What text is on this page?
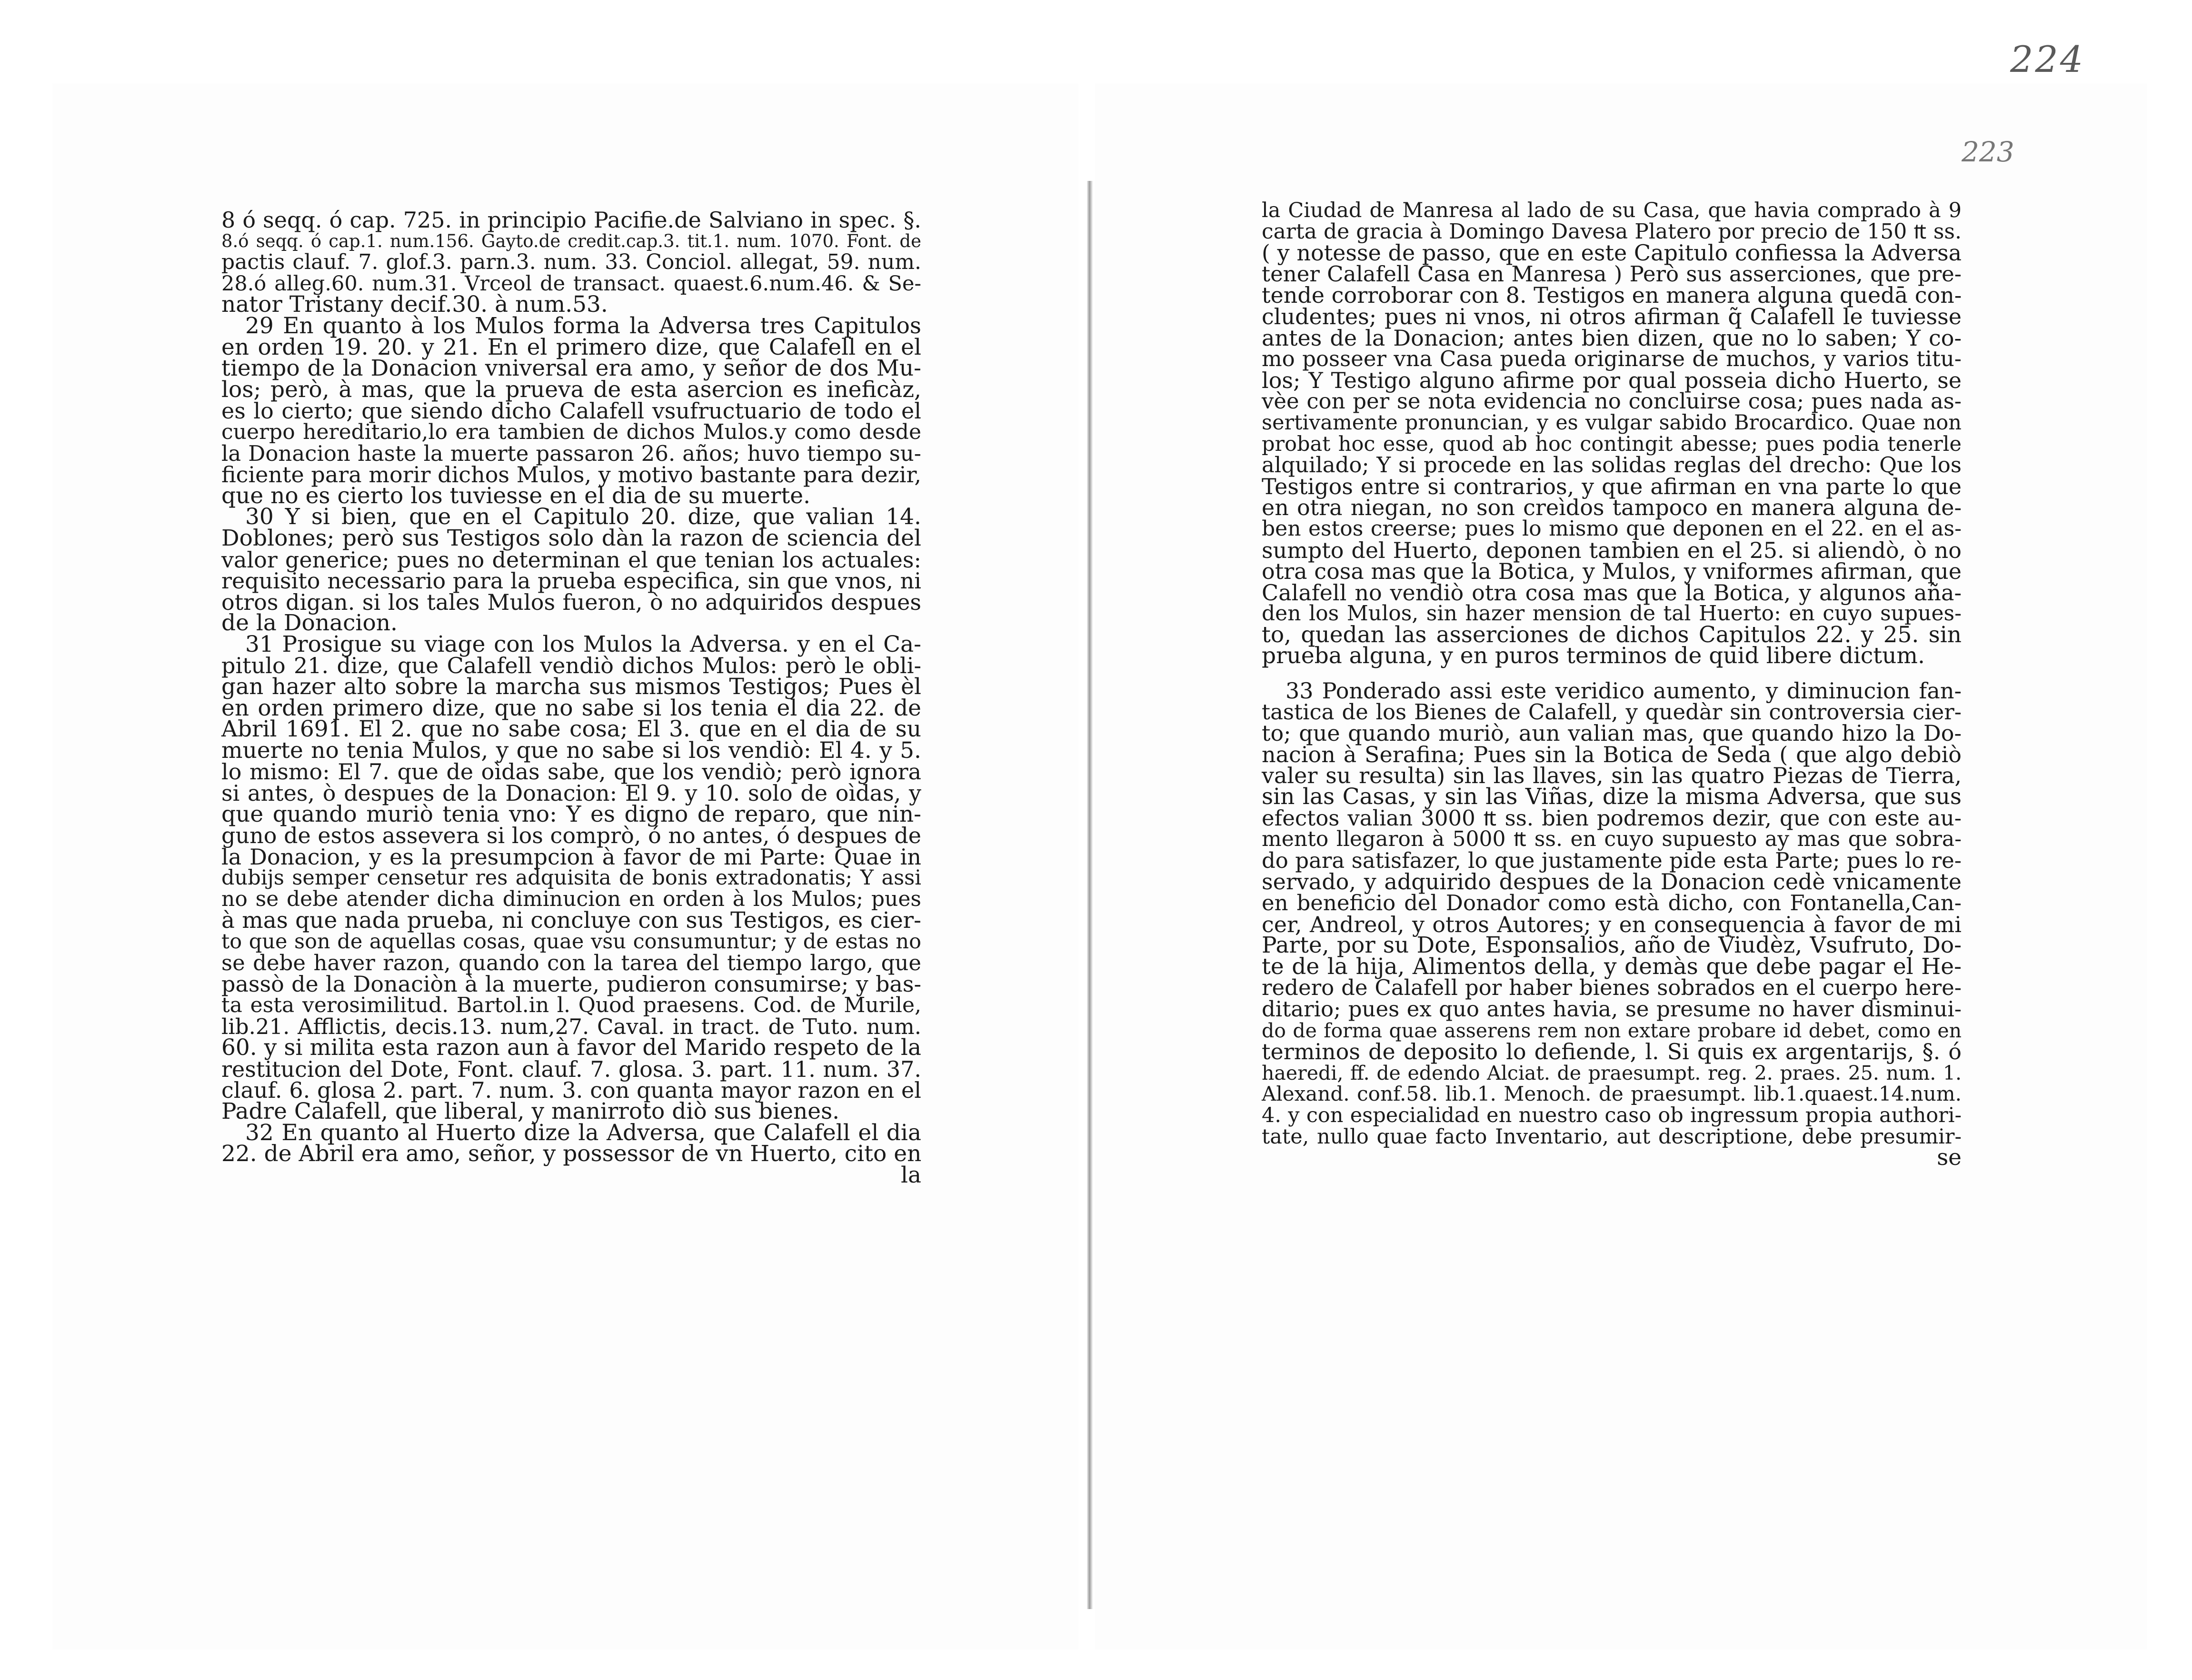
224
223
8 ó seqq. ó cap. 725. in principio Pacifie.de Salviano in spec. §.
8.ó seqq. ó cap.1. num.156. Gayto.de credit.cap.3. tit.1. num. 1070. Font. de
pactis clauf. 7. glof.3. parn.3. num. 33. Conciol. allegat, 59. num.
28.ó alleg.60. num.31. Vrceol de transact. quaest.6.num.46. & Se-
nator Tristany decif.30. à num.53.
29 En quanto à los Mulos forma la Adversa tres Capitulos
en orden 19. 20. y 21. En el primero dize, que Calafell en el
tiempo de la Donacion vniversal era amo, y señor de dos Mu-
los; però, à mas, que la prueva de esta asercion es ineficàz,
es lo cierto; que siendo dicho Calafell vsufructuario de todo el
cuerpo hereditario,lo era tambien de dichos Mulos.y como desde
la Donacion haste la muerte passaron 26. años; huvo tiempo su-
ficiente para morir dichos Mulos, y motivo bastante para dezir,
que no es cierto los tuviesse en el dia de su muerte.
30 Y si bien, que en el Capitulo 20. dize, que valian 14.
Doblones; però sus Testigos solo dàn la razon de sciencia del
valor generice; pues no determinan el que tenian los actuales:
requisito necessario para la prueba especifica, sin que vnos, ni
otros digan. si los tales Mulos fueron, ò no adquiridos despues
de la Donacion.
31 Prosigue su viage con los Mulos la Adversa. y en el Ca-
pitulo 21. dize, que Calafell vendiò dichos Mulos: però le obli-
gan hazer alto sobre la marcha sus mismos Testigos; Pues èl
en orden primero dize, que no sabe si los tenia el dia 22. de
Abril 1691. El 2. que no sabe cosa; El 3. que en el dia de su
muerte no tenia Mulos, y que no sabe si los vendiò: El 4. y 5.
lo mismo: El 7. que de oìdas sabe, que los vendiò; però ignora
si antes, ò despues de la Donacion: El 9. y 10. solo de oìdas, y
que quando muriò tenia vno: Y es digno de reparo, que nin-
guno de estos assevera si los comprò, ó no antes, ó despues de
la Donacion, y es la presumpcion à favor de mi Parte: Quae in
dubijs semper censetur res adquisita de bonis extradonatis; Y assi
no se debe atender dicha diminucion en orden à los Mulos; pues
à mas que nada prueba, ni concluye con sus Testigos, es cier-
to que son de aquellas cosas, quae vsu consumuntur; y de estas no
se debe haver razon, quando con la tarea del tiempo largo, que
passò de la Donaciòn à la muerte, pudieron consumirse; y bas-
ta esta verosimilitud. Bartol.in l. Quod praesens. Cod. de Murile,
lib.21. Afflictis, decis.13. num,27. Caval. in tract. de Tuto. num.
60. y si milita esta razon aun à favor del Marido respeto de la
restitucion del Dote, Font. clauf. 7. glosa. 3. part. 11. num. 37.
clauf. 6. glosa 2. part. 7. num. 3. con quanta mayor razon en el
Padre Calafell, que liberal, y manirroto diò sus bienes.
32 En quanto al Huerto dize la Adversa, que Calafell el dia
22. de Abril era amo, señor, y possessor de vn Huerto, cito en
la
la Ciudad de Manresa al lado de su Casa, que havia comprado à 9
carta de gracia à Domingo Davesa Platero por precio de 150 ₶ ss.
( y notesse de passo, que en este Capitulo confiessa la Adversa
tener Calafell Casa en Manresa ) Però sus asserciones, que pre-
tende corroborar con 8. Testigos en manera alguna quedā con-
cludentes; pues ni vnos, ni otros afirman q̃ Calafell le tuviesse
antes de la Donacion; antes bien dizen, que no lo saben; Y co-
mo posseer vna Casa pueda originarse de muchos, y varios titu-
los; Y Testigo alguno afirme por qual posseia dicho Huerto, se
vèe con per se nota evidencia no concluirse cosa; pues nada as-
sertivamente pronuncian, y es vulgar sabido Brocardico. Quae non
probat hoc esse, quod ab hoc contingit abesse; pues podia tenerle
alquilado; Y si procede en las solidas reglas del drecho: Que los
Testigos entre si contrarios, y que afirman en vna parte lo que
en otra niegan, no son creìdos tampoco en manera alguna de-
ben estos creerse; pues lo mismo que deponen en el 22. en el as-
sumpto del Huerto, deponen tambien en el 25. si aliendò, ò no
otra cosa mas que la Botica, y Mulos, y vniformes afirman, que
Calafell no vendiò otra cosa mas que la Botica, y algunos aña-
den los Mulos, sin hazer mension de tal Huerto: en cuyo supues-
to, quedan las asserciones de dichos Capitulos 22. y 25. sin
prueba alguna, y en puros terminos de quid libere dictum.
33 Ponderado assi este veridico aumento, y diminucion fan-
tastica de los Bienes de Calafell, y quedàr sin controversia cier-
to; que quando muriò, aun valian mas, que quando hizo la Do-
nacion à Serafina; Pues sin la Botica de Seda ( que algo debiò
valer su resulta) sin las llaves, sin las quatro Piezas de Tierra,
sin las Casas, y sin las Viñas, dize la misma Adversa, que sus
efectos valian 3000 ₶ ss. bien podremos dezir, que con este au-
mento llegaron à 5000 ₶ ss. en cuyo supuesto ay mas que sobra-
do para satisfazer, lo que justamente pide esta Parte; pues lo re-
servado, y adquirido despues de la Donacion cedè vnicamente
en beneficio del Donador como està dicho, con Fontanella,Can-
cer, Andreol, y otros Autores; y en consequencia à favor de mi
Parte, por su Dote, Esponsalios, año de Viudèz, Vsufruto, Do-
te de la hija, Alimentos della, y demàs que debe pagar el He-
redero de Calafell por haber bienes sobrados en el cuerpo here-
ditario; pues ex quo antes havia, se presume no haver disminui-
do de forma quae asserens rem non extare probare id debet, como en
terminos de deposito lo defiende, l. Si quis ex argentarijs, §. ó
haeredi, ff. de edendo Alciat. de praesumpt. reg. 2. praes. 25. num. 1.
Alexand. conf.58. lib.1. Menoch. de praesumpt. lib.1.quaest.14.num.
4. y con especialidad en nuestro caso ob ingressum propia authori-
tate, nullo quae facto Inventario, aut descriptione, debe presumir-
se
